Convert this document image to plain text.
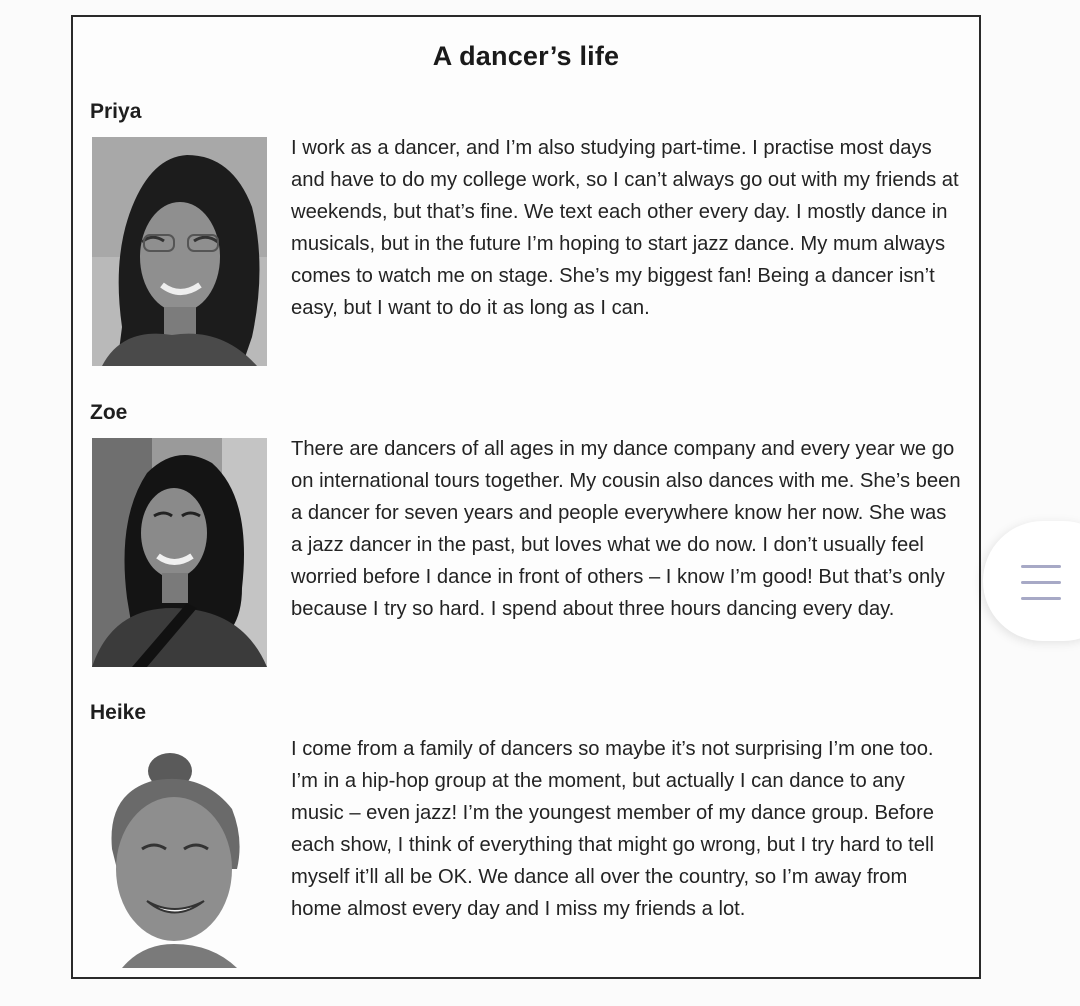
A dancer’s life
Priya
I work as a dancer, and I’m also studying part-time. I practise most days and have to do my college work, so I can’t always go out with my friends at weekends, but that’s fine. We text each other every day. I mostly dance in musicals, but in the future I’m hoping to start jazz dance. My mum always comes to watch me on stage. She’s my biggest fan! Being a dancer isn’t easy, but I want to do it as long as I can.
Zoe
There are dancers of all ages in my dance company and every year we go on international tours together. My cousin also dances with me. She’s been a dancer for seven years and people everywhere know her now. She was a jazz dancer in the past, but loves what we do now. I don’t usually feel worried before I dance in front of others – I know I’m good! But that’s only because I try so hard. I spend about three hours dancing every day.
Heike
I come from a family of dancers so maybe it’s not surprising I’m one too. I’m in a hip-hop group at the moment, but actually I can dance to any music – even jazz! I’m the youngest member of my dance group. Before each show, I think of everything that might go wrong, but I try hard to tell myself it’ll all be OK. We dance all over the country, so I’m away from home almost every day and I miss my friends a lot.
